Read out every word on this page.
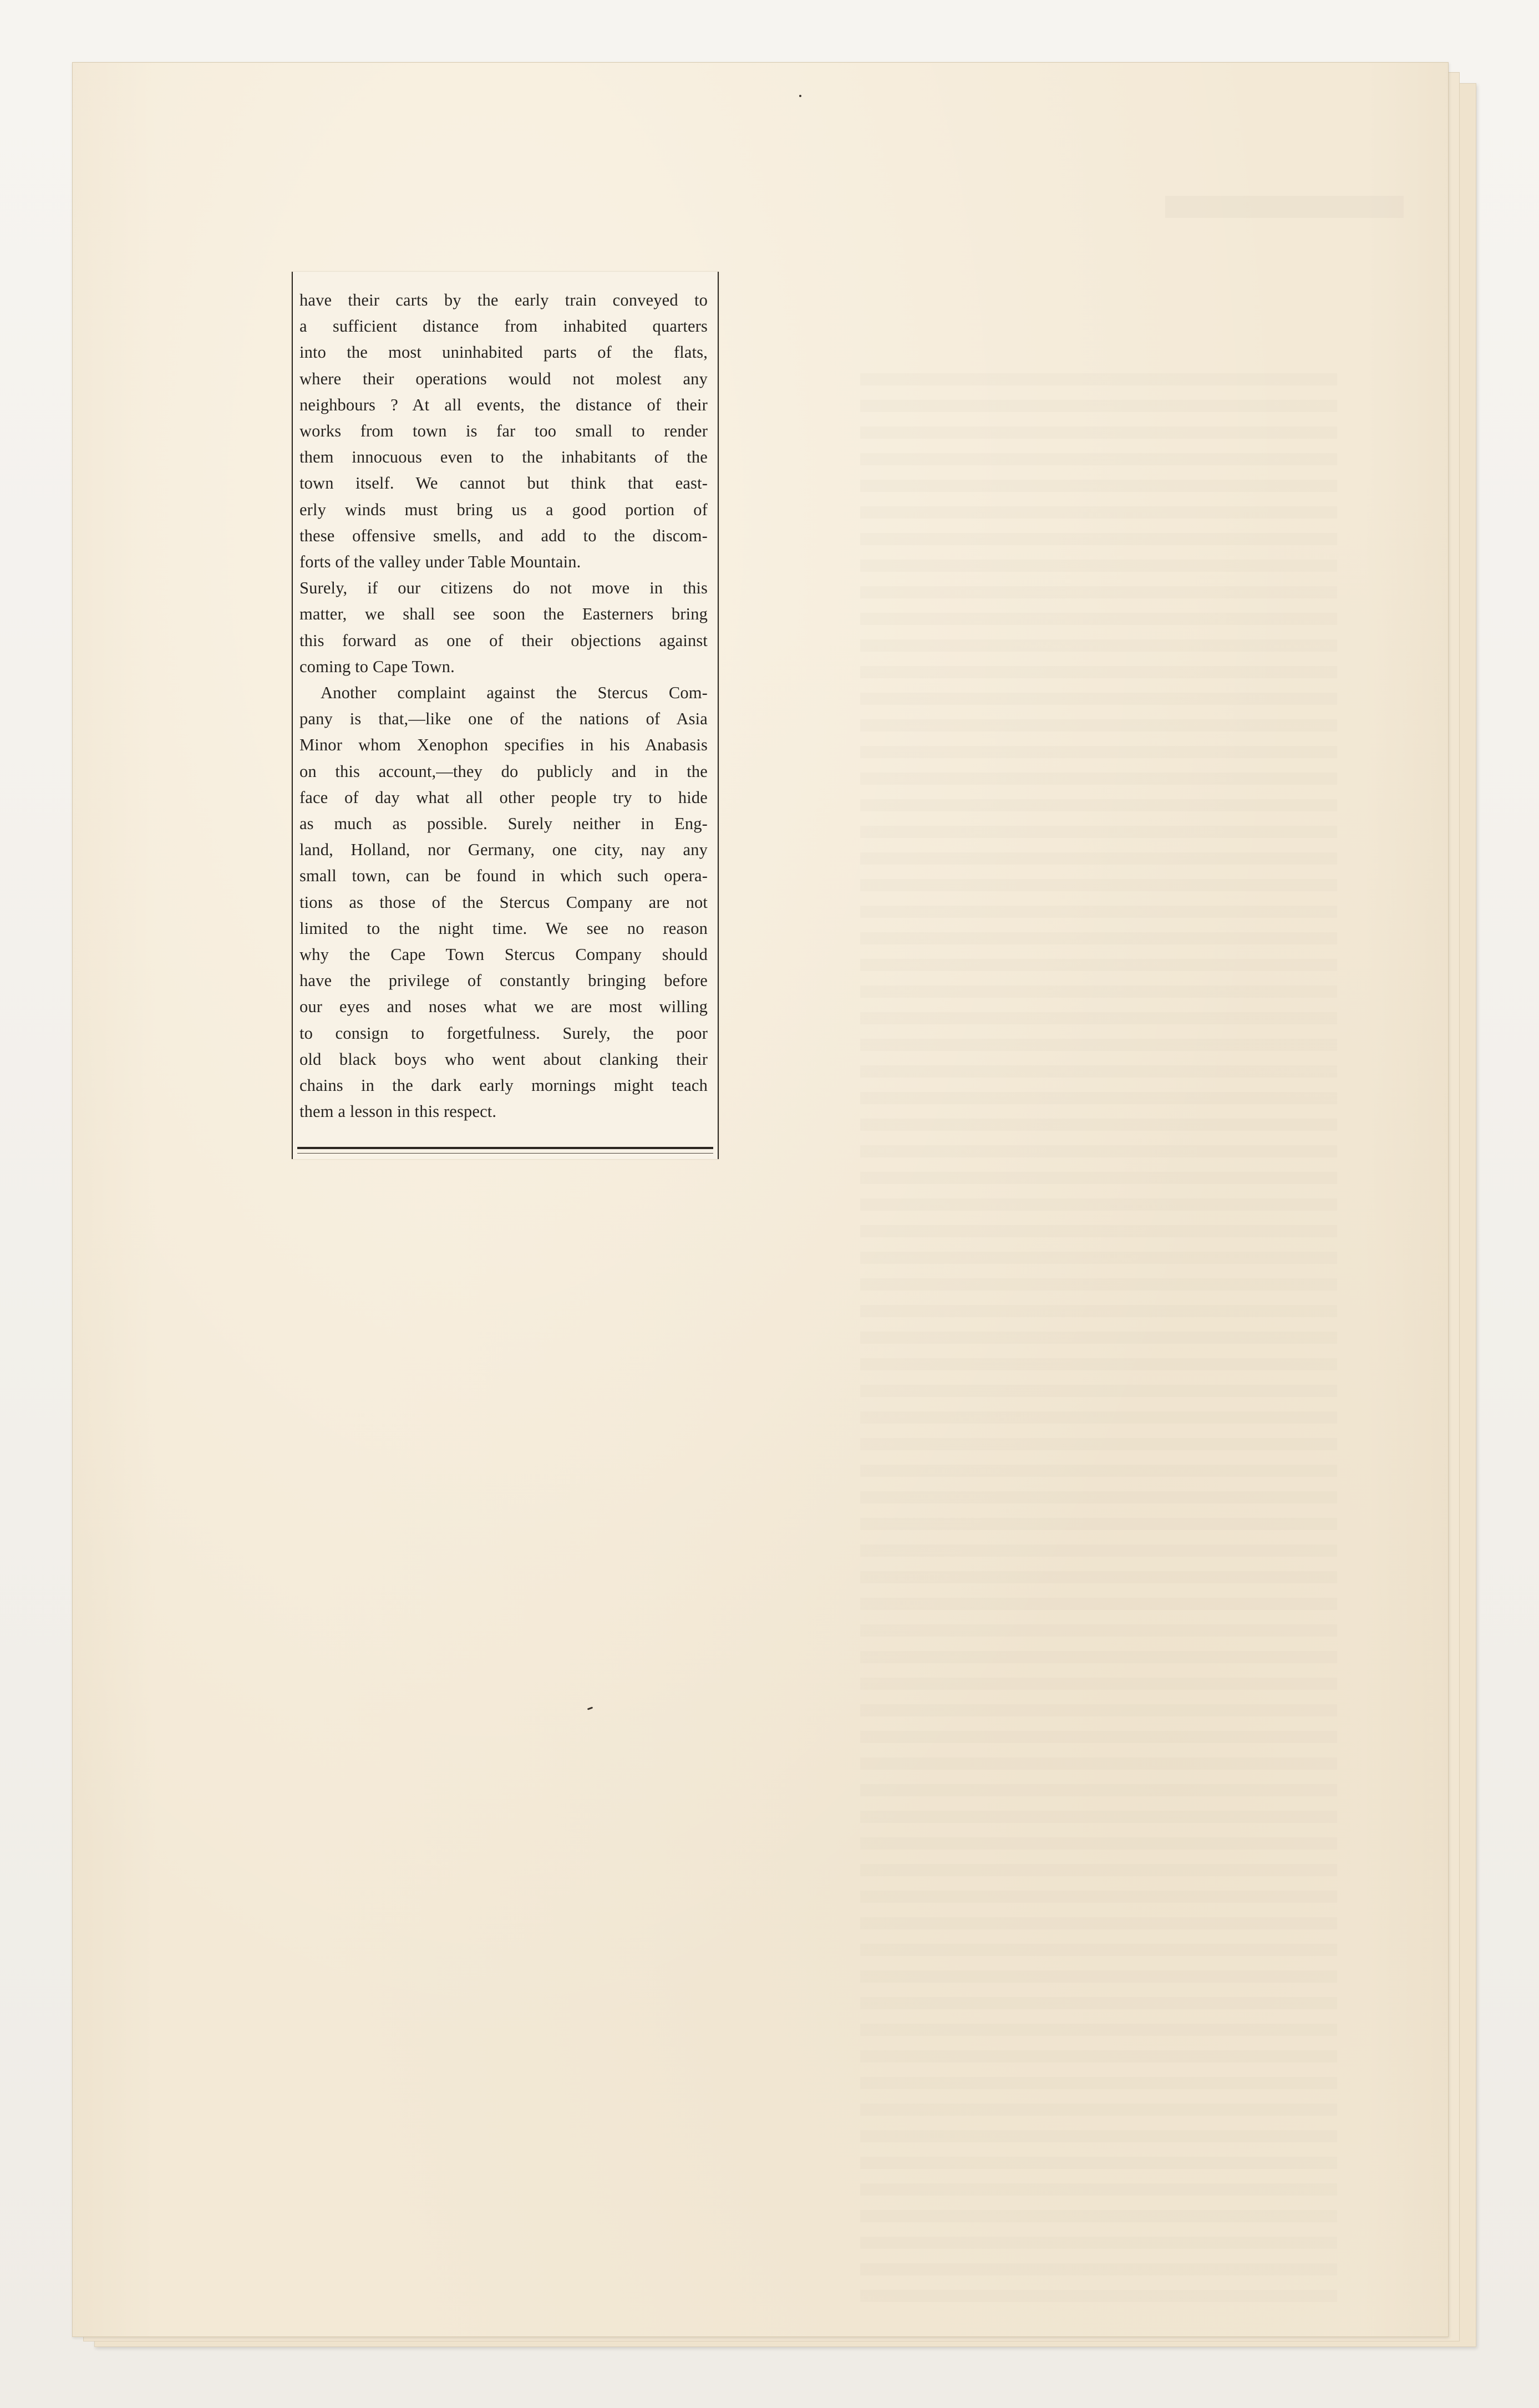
have their carts by the early train conveyed to
a sufficient distance from inhabited quarters
into the most uninhabited parts of the flats,
where their operations would not molest any
neighbours ? At all events, the distance of their
works from town is far too small to render
them innocuous even to the inhabitants of the
town itself. We cannot but think that east-
erly winds must bring us a good portion of
these offensive smells, and add to the discom-
forts of the valley under Table Mountain.
Surely, if our citizens do not move in this
matter, we shall see soon the Easterners bring
this forward as one of their objections against
coming to Cape Town.
Another complaint against the Stercus Com-
pany is that,—like one of the nations of Asia
Minor whom Xenophon specifies in his Anabasis
on this account,—they do publicly and in the
face of day what all other people try to hide
as much as possible. Surely neither in Eng-
land, Holland, nor Germany, one city, nay any
small town, can be found in which such opera-
tions as those of the Stercus Company are not
limited to the night time. We see no reason
why the Cape Town Stercus Company should
have the privilege of constantly bringing before
our eyes and noses what we are most willing
to consign to forgetfulness. Surely, the poor
old black boys who went about clanking their
chains in the dark early mornings might teach
them a lesson in this respect.
